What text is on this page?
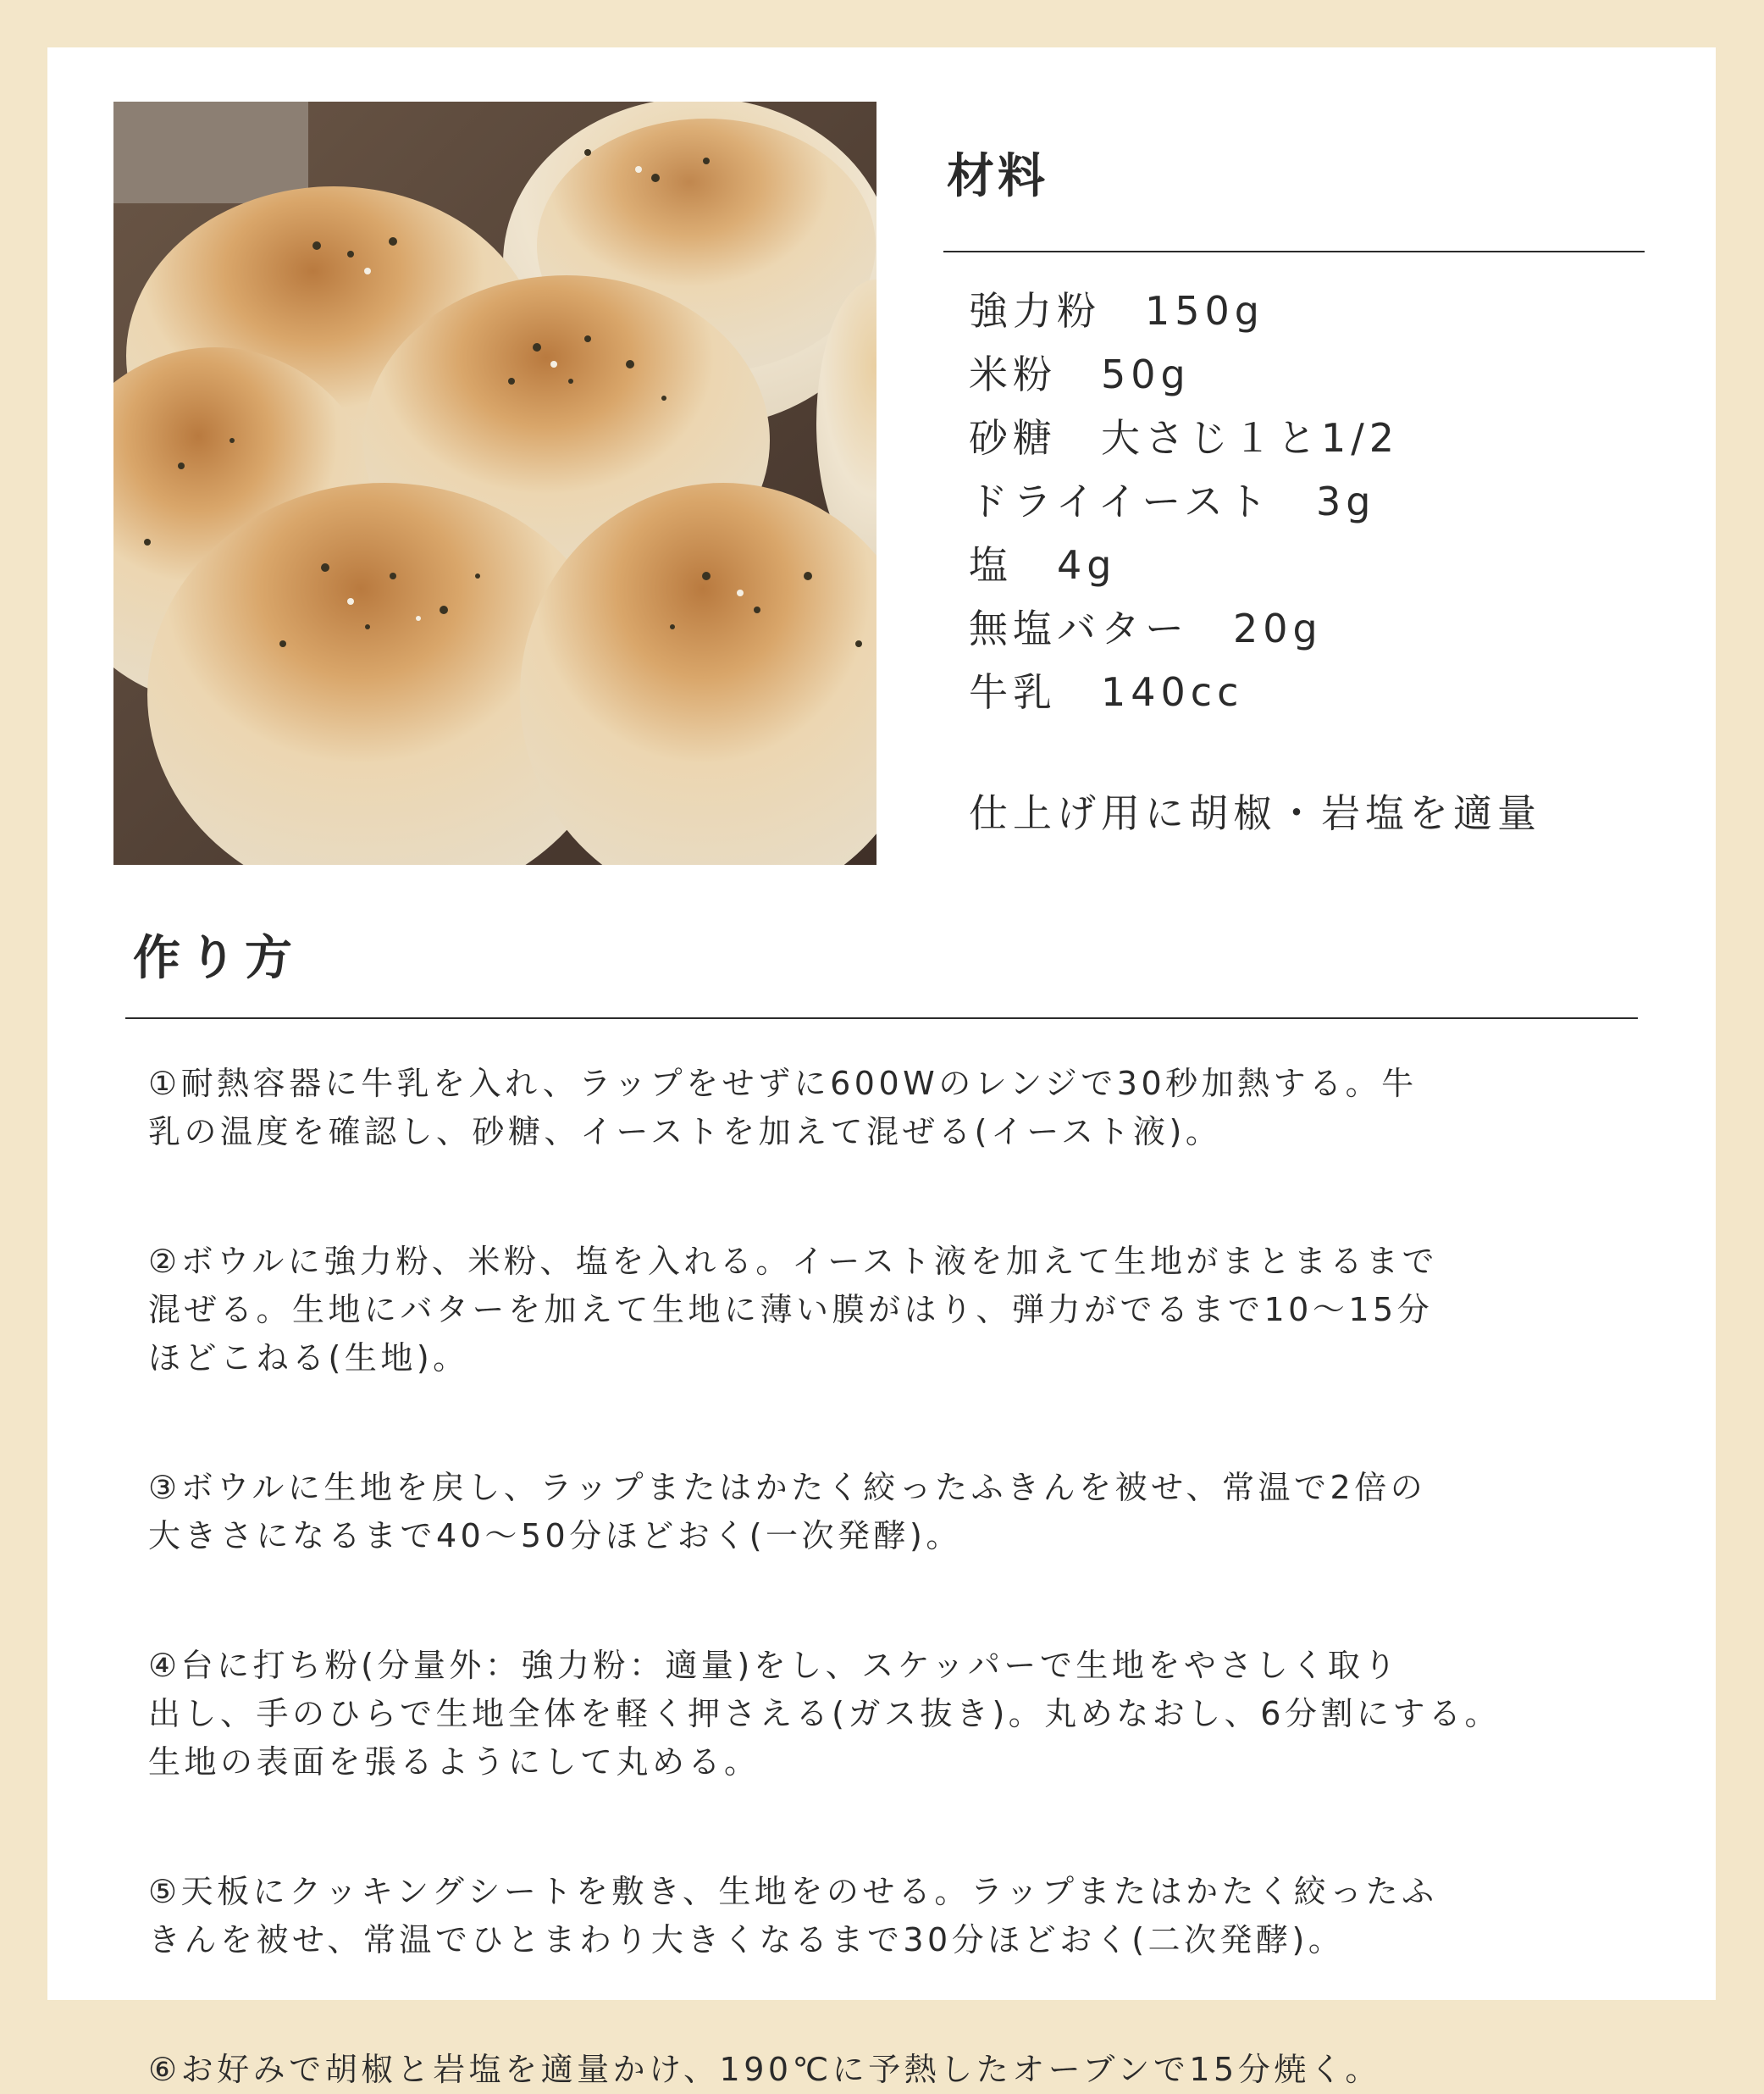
材料
強力粉　150g
米粉　50g
砂糖　大さじ１と1/2
ドライイースト　3g
塩　4g
無塩バター　20g
牛乳　140cc

仕上げ用に胡椒・岩塩を適量

作り方

①耐熱容器に牛乳を入れ、ラップをせずに600Wのレンジで30秒加熱する。牛
乳の温度を確認し、砂糖、イーストを加えて混ぜる(イースト液)。

②ボウルに強力粉、米粉、塩を入れる。イースト液を加えて生地がまとまるまで
混ぜる。生地にバターを加えて生地に薄い膜がはり、弾力がでるまで10〜15分
ほどこねる(生地)。

③ボウルに生地を戻し、ラップまたはかたく絞ったふきんを被せ、常温で2倍の
大きさになるまで40〜50分ほどおく(一次発酵)。

④台に打ち粉(分量外：強力粉：適量)をし、スケッパーで生地をやさしく取り
出し、手のひらで生地全体を軽く押さえる(ガス抜き)。丸めなおし、6分割にする。
生地の表面を張るようにして丸める。

⑤天板にクッキングシートを敷き、生地をのせる。ラップまたはかたく絞ったふ
きんを被せ、常温でひとまわり大きくなるまで30分ほどおく(二次発酵)。

⑥お好みで胡椒と岩塩を適量かけ、190℃に予熱したオーブンで15分焼く。
